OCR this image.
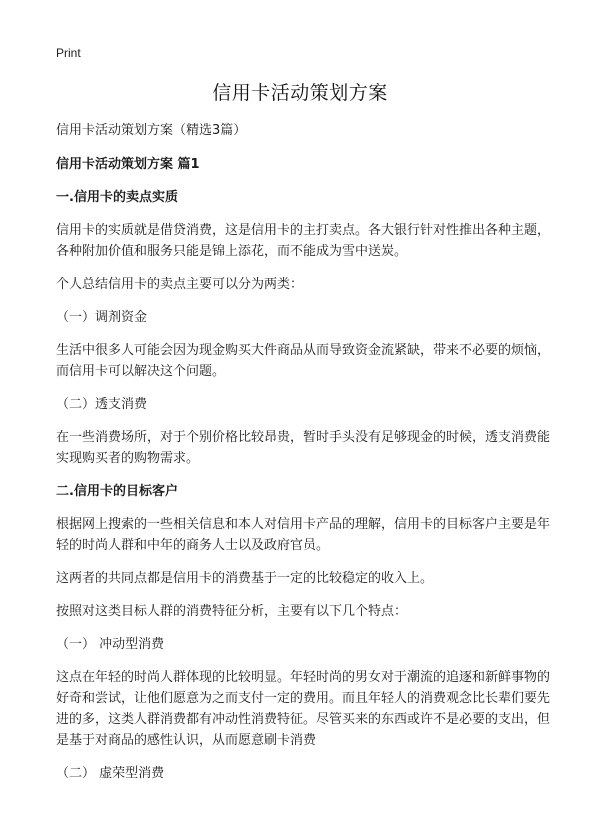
Print
信用卡活动策划方案

信用卡活动策划方案（精选3篇）

信用卡活动策划方案 篇1

一.信用卡的卖点实质

信用卡的实质就是借贷消费，这是信用卡的主打卖点。各大银行针对性推出各种主题，各种附加价值和服务只能是锦上添花，而不能成为雪中送炭。

个人总结信用卡的卖点主要可以分为两类：

（一）调剂资金

生活中很多人可能会因为现金购买大件商品从而导致资金流紧缺，带来不必要的烦恼，而信用卡可以解决这个问题。

（二）透支消费

在一些消费场所，对于个别价格比较昂贵，暂时手头没有足够现金的时候，透支消费能实现购买者的购物需求。

二.信用卡的目标客户

根据网上搜索的一些相关信息和本人对信用卡产品的理解，信用卡的目标客户主要是年轻的时尚人群和中年的商务人士以及政府官员。

这两者的共同点都是信用卡的消费基于一定的比较稳定的收入上。

按照对这类目标人群的消费特征分析，主要有以下几个特点：

（一） 冲动型消费

这点在年轻的时尚人群体现的比较明显。年轻时尚的男女对于潮流的追逐和新鲜事物的好奇和尝试，让他们愿意为之而支付一定的费用。而且年轻人的消费观念比长辈们要先进的多，这类人群消费都有冲动性消费特征。尽管买来的东西或许不是必要的支出，但是基于对商品的感性认识，从而愿意刷卡消费

（二） 虚荣型消费
